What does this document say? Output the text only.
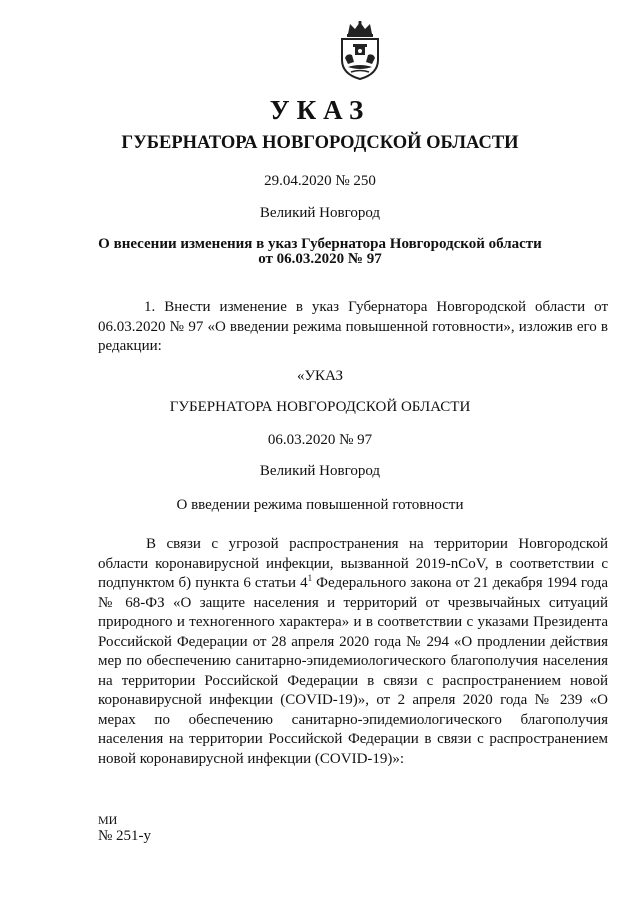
УКАЗ

ГУБЕРНАТОРА НОВГОРОДСКОЙ ОБЛАСТИ

29.04.2020 № 250

Великий Новгород

О внесении изменения в указ Губернатора Новгородской области
от 06.03.2020 № 97

1. Внести изменение в указ Губернатора Новгородской области от 06.03.2020 № 97 «О введении режима повышенной готовности», изложив его в редакции:

«УКАЗ

ГУБЕРНАТОРА НОВГОРОДСКОЙ ОБЛАСТИ

06.03.2020 № 97

Великий Новгород

О введении режима повышенной готовности

В связи с угрозой распространения на территории Новгородской области коронавирусной инфекции, вызванной 2019-nCoV, в соответствии с подпунктом б) пункта 6 статьи $4^1$ Федерального закона от 21 декабря 1994 года № 68-ФЗ «О защите населения и территорий от чрезвычайных ситуаций природного и техногенного характера» и в соответствии с указами Президента Российской Федерации от 28 апреля 2020 года № 294 «О продлении действия мер по обеспечению санитарно-эпидемиологического благополучия населения на территории Российской Федерации в связи с распространением новой коронавирусной инфекции (COVID-19)», от 2 апреля 2020 года № 239 «О мерах по обеспечению санитарно-эпидемиологического благополучия населения на территории Российской Федерации в связи с распространением новой коронавирусной инфекции (COVID-19)»:

МИ
№ 251-у
